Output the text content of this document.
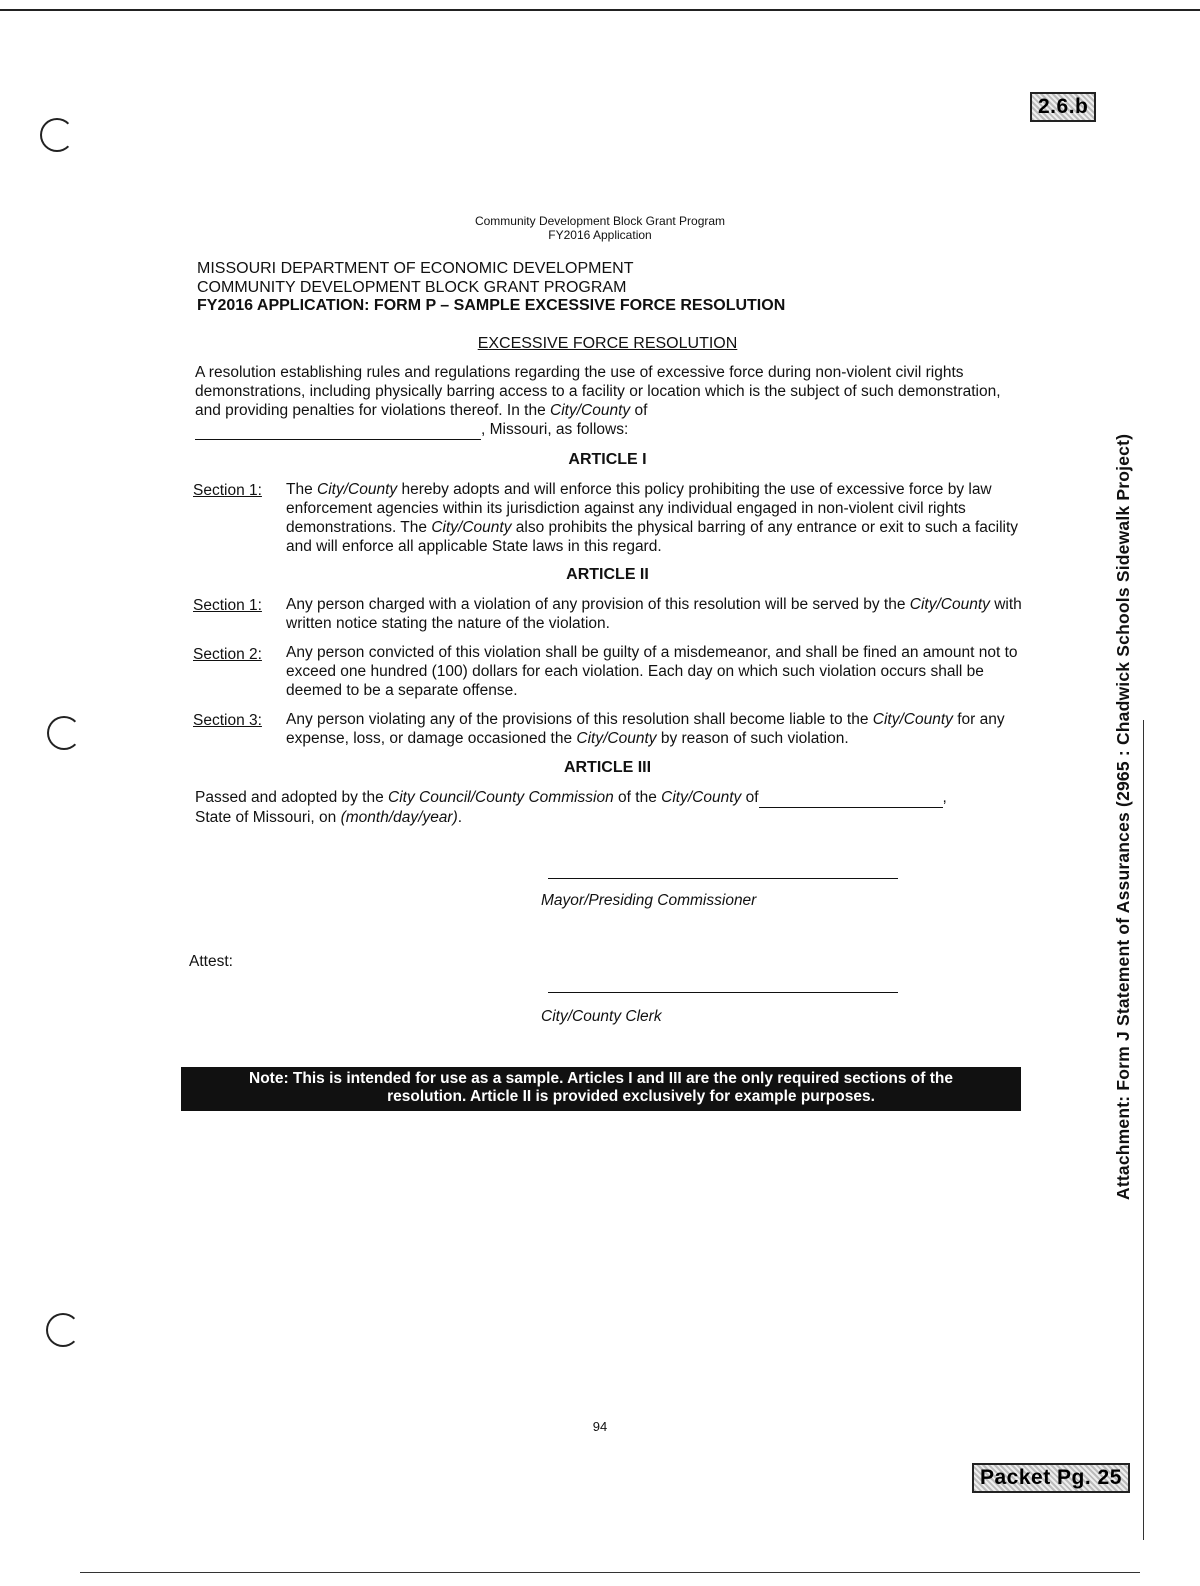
2.6.b
Community Development Block Grant Program
FY2016 Application
MISSOURI DEPARTMENT OF ECONOMIC DEVELOPMENT
COMMUNITY DEVELOPMENT BLOCK GRANT PROGRAM
FY2016 APPLICATION: FORM P – SAMPLE EXCESSIVE FORCE RESOLUTION
EXCESSIVE FORCE RESOLUTION
A resolution establishing rules and regulations regarding the use of excessive force during non-violent civil rights demonstrations, including physically barring access to a facility or location which is the subject of such demonstration, and providing penalties for violations thereof. In the City/County of
, Missouri, as follows:
ARTICLE I
Section 1: The City/County hereby adopts and will enforce this policy prohibiting the use of excessive force by law enforcement agencies within its jurisdiction against any individual engaged in non-violent civil rights demonstrations. The City/County also prohibits the physical barring of any entrance or exit to such a facility and will enforce all applicable State laws in this regard.
ARTICLE II
Section 1: Any person charged with a violation of any provision of this resolution will be served by the City/County with written notice stating the nature of the violation.
Section 2: Any person convicted of this violation shall be guilty of a misdemeanor, and shall be fined an amount not to exceed one hundred (100) dollars for each violation. Each day on which such violation occurs shall be deemed to be a separate offense.
Section 3: Any person violating any of the provisions of this resolution shall become liable to the City/County for any expense, loss, or damage occasioned the City/County by reason of such violation.
ARTICLE III
Passed and adopted by the City Council/County Commission of the City/County of	,
State of Missouri, on (month/day/year).
Mayor/Presiding Commissioner
Attest:
City/County Clerk
Note: This is intended for use as a sample. Articles I and III are the only required sections of the
resolution. Article II is provided exclusively for example purposes.
94
Attachment: Form J Statement of Assurances (2965 : Chadwick Schools Sidewalk Project)
Packet Pg. 25
